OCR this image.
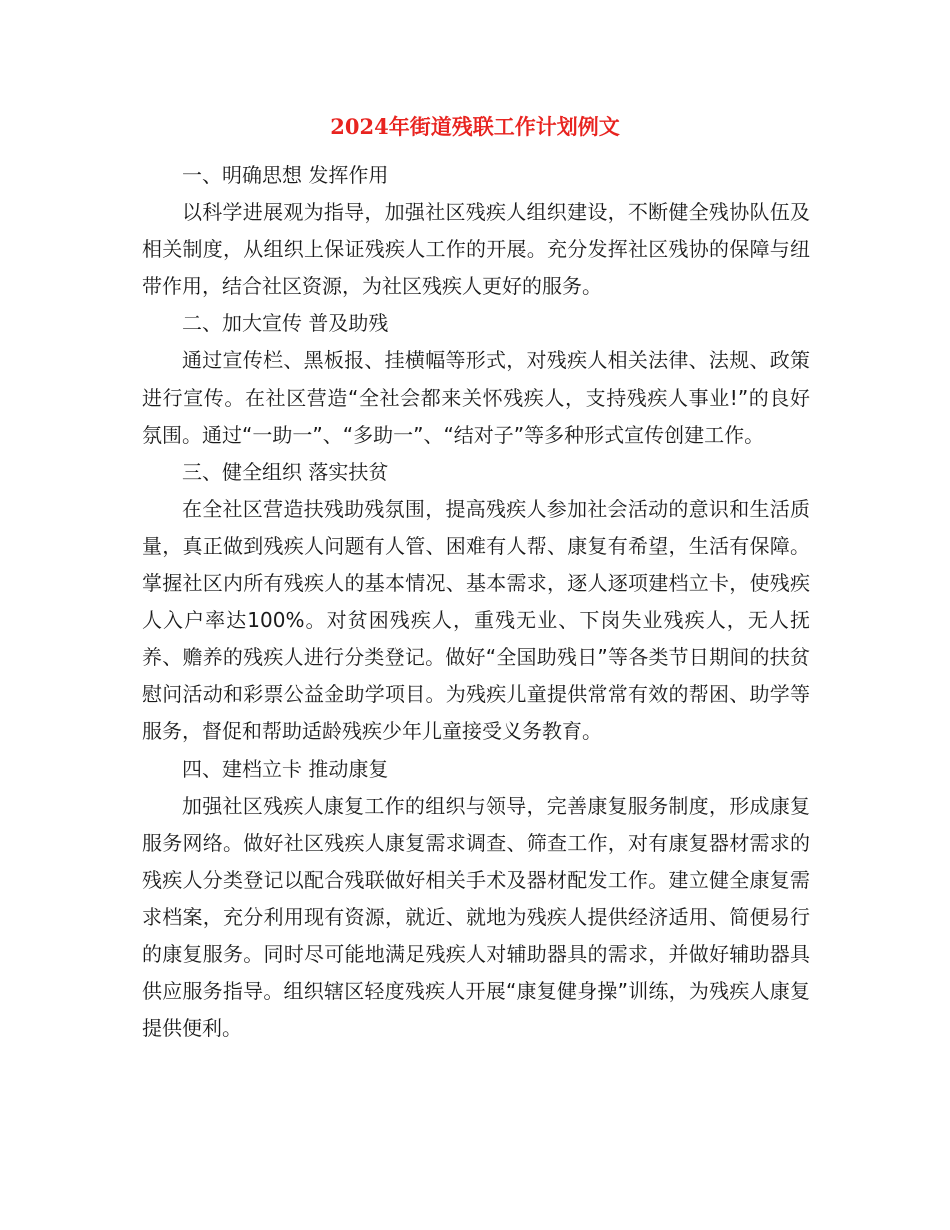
2024年街道残联工作计划例文

一、明确思想 发挥作用

以科学进展观为指导，加强社区残疾人组织建设，不断健全残协队伍及相关制度，从组织上保证残疾人工作的开展。充分发挥社区残协的保障与纽带作用，结合社区资源，为社区残疾人更好的服务。

二、加大宣传 普及助残

通过宣传栏、黑板报、挂横幅等形式，对残疾人相关法律、法规、政策进行宣传。在社区营造“全社会都来关怀残疾人，支持残疾人事业!”的良好氛围。通过“一助一”、“多助一”、“结对子”等多种形式宣传创建工作。

三、健全组织 落实扶贫

在全社区营造扶残助残氛围，提高残疾人参加社会活动的意识和生活质量，真正做到残疾人问题有人管、困难有人帮、康复有希望，生活有保障。掌握社区内所有残疾人的基本情况、基本需求，逐人逐项建档立卡，使残疾人入户率达100%。对贫困残疾人，重残无业、下岗失业残疾人，无人抚养、赡养的残疾人进行分类登记。做好“全国助残日”等各类节日期间的扶贫慰问活动和彩票公益金助学项目。为残疾儿童提供常常有效的帮困、助学等服务，督促和帮助适龄残疾少年儿童接受义务教育。

四、建档立卡 推动康复

加强社区残疾人康复工作的组织与领导，完善康复服务制度，形成康复服务网络。做好社区残疾人康复需求调查、筛查工作，对有康复器材需求的残疾人分类登记以配合残联做好相关手术及器材配发工作。建立健全康复需求档案，充分利用现有资源，就近、就地为残疾人提供经济适用、简便易行的康复服务。同时尽可能地满足残疾人对辅助器具的需求，并做好辅助器具供应服务指导。组织辖区轻度残疾人开展“康复健身操”训练，为残疾人康复提供便利。
